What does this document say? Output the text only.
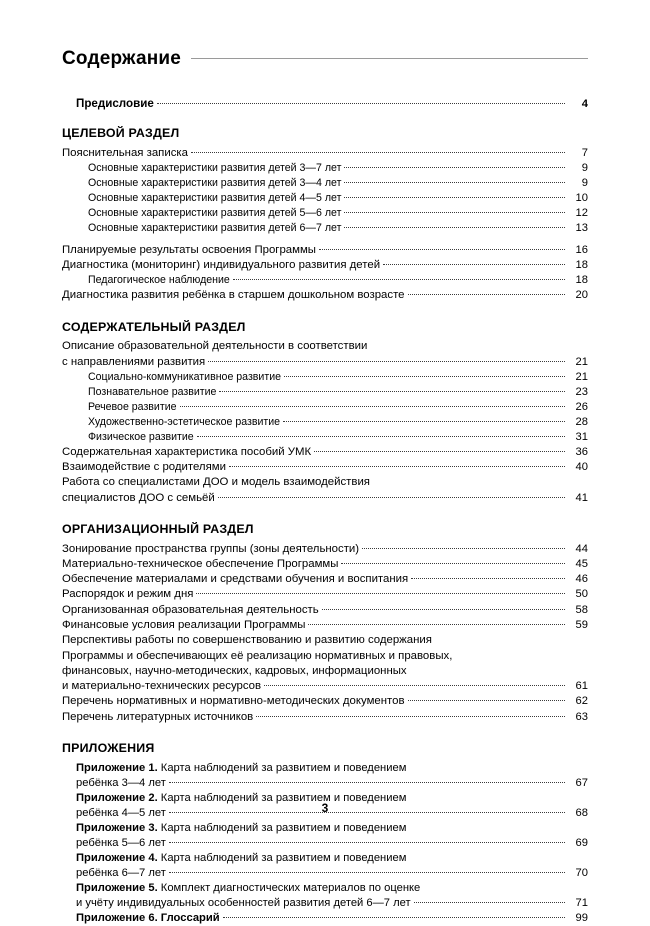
Содержание
Предисловие	4
ЦЕЛЕВОЙ РАЗДЕЛ
Пояснительная записка	7
Основные характеристики развития детей 3—7 лет	9
Основные характеристики развития детей 3—4 лет	9
Основные характеристики развития детей 4—5 лет	10
Основные характеристики развития детей 5—6 лет	12
Основные характеристики развития детей 6—7 лет	13
Планируемые результаты освоения Программы	16
Диагностика (мониторинг) индивидуального развития детей	18
Педагогическое наблюдение	18
Диагностика развития ребёнка в старшем дошкольном возрасте	20
СОДЕРЖАТЕЛЬНЫЙ РАЗДЕЛ
Описание образовательной деятельности в соответствии
с направлениями развития	21
Социально-коммуникативное развитие	21
Познавательное развитие	23
Речевое развитие	26
Художественно-эстетическое развитие	28
Физическое развитие	31
Содержательная характеристика пособий УМК	36
Взаимодействие с родителями	40
Работа со специалистами ДОО и модель взаимодействия
специалистов ДОО с семьёй	41
ОРГАНИЗАЦИОННЫЙ РАЗДЕЛ
Зонирование пространства группы (зоны деятельности)	44
Материально-техническое обеспечение Программы	45
Обеспечение материалами и средствами обучения и воспитания	46
Распорядок и режим дня	50
Организованная образовательная деятельность	58
Финансовые условия реализации Программы	59
Перспективы работы по совершенствованию и развитию содержания
Программы и обеспечивающих её реализацию нормативных и правовых,
финансовых, научно-методических, кадровых, информационных
и материально-технических ресурсов	61
Перечень нормативных и нормативно-методических документов	62
Перечень литературных источников	63
ПРИЛОЖЕНИЯ
Приложение 1. Карта наблюдений за развитием и поведением
ребёнка 3—4 лет	67
Приложение 2. Карта наблюдений за развитием и поведением
ребёнка 4—5 лет	68
Приложение 3. Карта наблюдений за развитием и поведением
ребёнка 5—6 лет	69
Приложение 4. Карта наблюдений за развитием и поведением
ребёнка 6—7 лет	70
Приложение 5. Комплект диагностических материалов по оценке
и учёту индивидуальных особенностей развития детей 6—7 лет	71
Приложение 6. Глоссарий	99
3
